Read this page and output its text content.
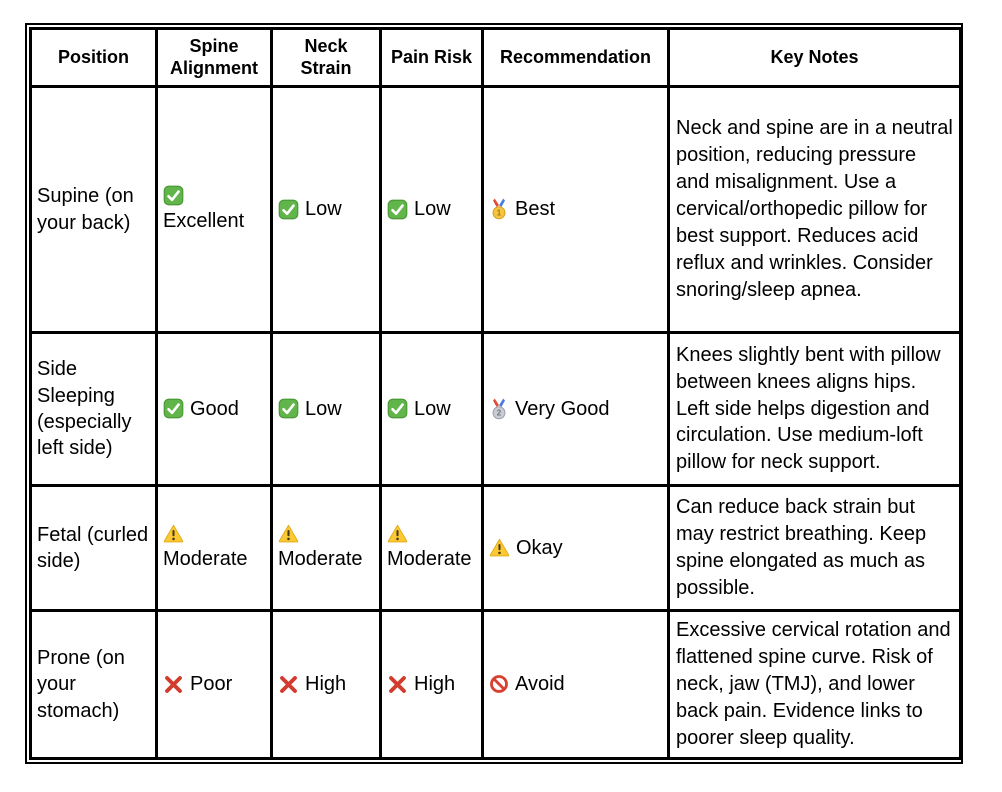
Position	Spine Alignment	Neck Strain	Pain Risk	Recommendation	Key Notes
Supine (on your back)	Excellent	Low	Low	1 Best	Neck and spine are in a neutral position, reducing pressure and misalignment. Use a cervical/orthopedic pillow for best support. Reduces acid reflux and wrinkles. Consider snoring/sleep apnea.
Side Sleeping (especially left side)	Good	Low	Low	2 Very Good	Knees slightly bent with pillow between knees aligns hips. Left side helps digestion and circulation. Use medium-loft pillow for neck support.
Fetal (curled side)	Moderate	Moderate	Moderate	Okay	Can reduce back strain but may restrict breathing. Keep spine elongated as much as possible.
Prone (on your stomach)	Poor	High	High	Avoid	Excessive cervical rotation and flattened spine curve. Risk of neck, jaw (TMJ), and lower back pain. Evidence links to poorer sleep quality.
